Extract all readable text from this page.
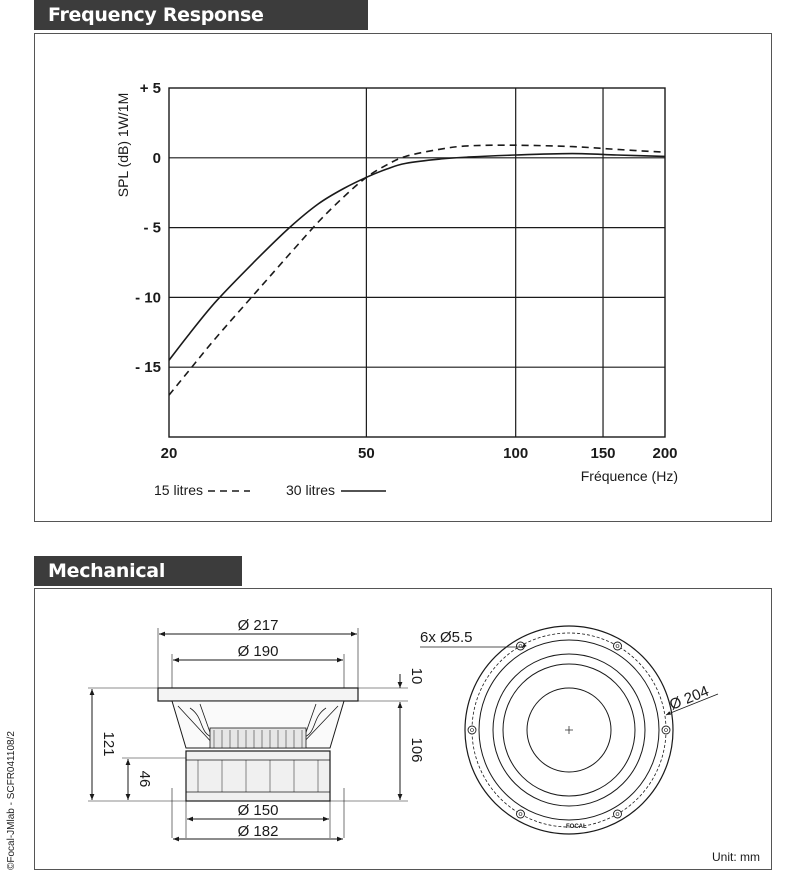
Frequency Response
20	50	100	150 200
+ 5
0
- 5
- 10
- 15
SPL (dB) 1W/1M
Fréquence (Hz)
15 litres	30 litres
Mechanical
Ø 217
Ø 190
Ø 150
Ø 182
121
46
106
10
6x Ø5.5
Ø 204
FOCAL
Unit: mm
©Focal-JMlab - SCFR041108/2
